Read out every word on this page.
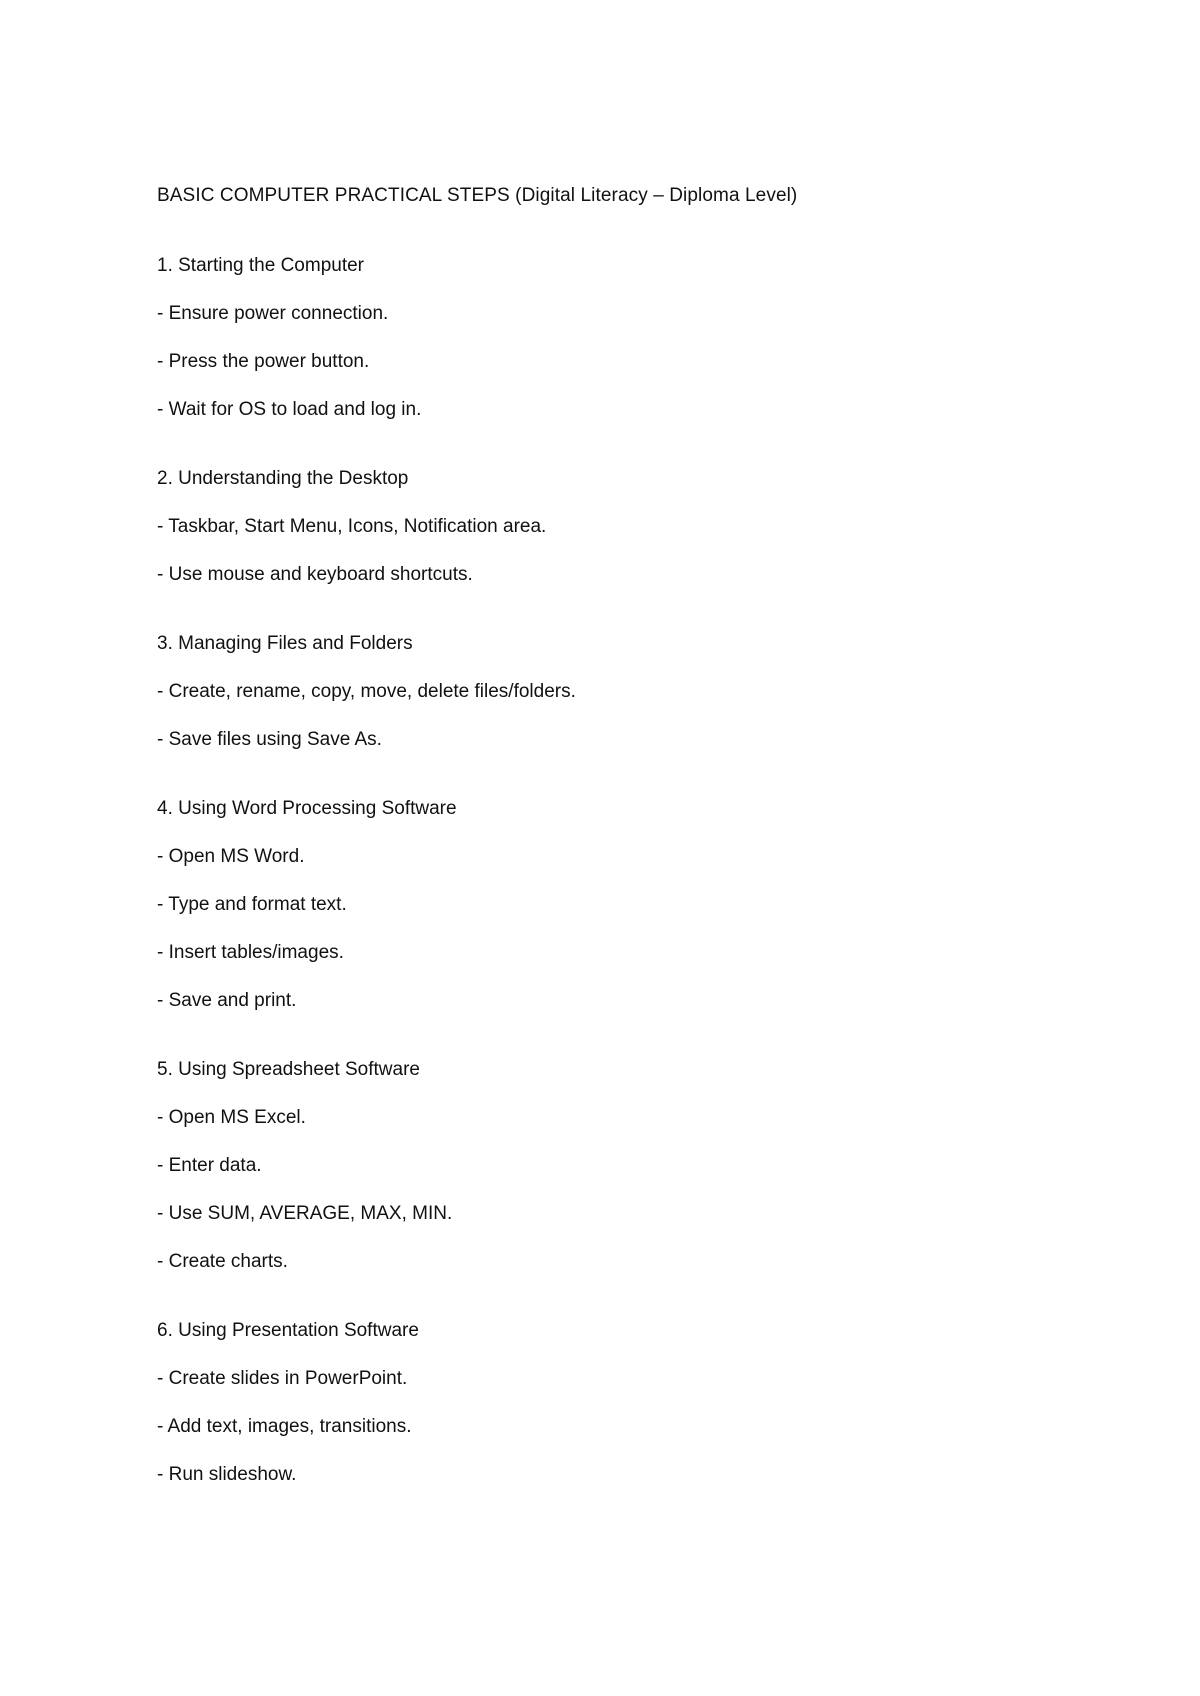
BASIC COMPUTER PRACTICAL STEPS (Digital Literacy – Diploma Level)
1. Starting the Computer
- Ensure power connection.
- Press the power button.
- Wait for OS to load and log in.
2. Understanding the Desktop
- Taskbar, Start Menu, Icons, Notification area.
- Use mouse and keyboard shortcuts.
3. Managing Files and Folders
- Create, rename, copy, move, delete files/folders.
- Save files using Save As.
4. Using Word Processing Software
- Open MS Word.
- Type and format text.
- Insert tables/images.
- Save and print.
5. Using Spreadsheet Software
- Open MS Excel.
- Enter data.
- Use SUM, AVERAGE, MAX, MIN.
- Create charts.
6. Using Presentation Software
- Create slides in PowerPoint.
- Add text, images, transitions.
- Run slideshow.
